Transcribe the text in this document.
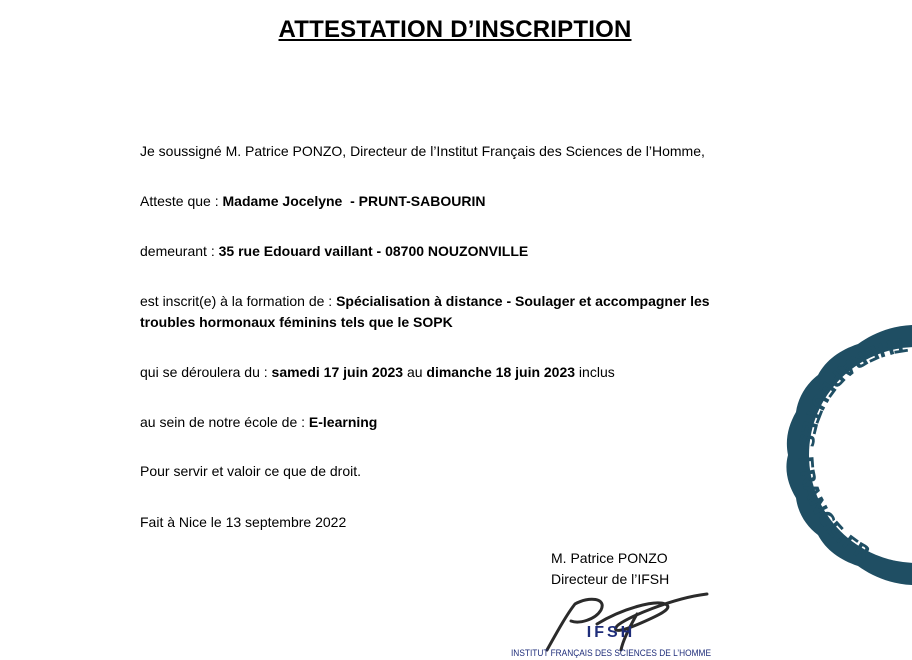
ATTESTATION D’INSCRIPTION
Je soussigné M. Patrice PONZO, Directeur de l’Institut Français des Sciences de l’Homme,
Atteste que : Madame Jocelyne  - PRUNT-SABOURIN
demeurant : 35 rue Edouard vaillant - 08700 NOUZONVILLE
est inscrit(e) à la formation de : Spécialisation à distance - Soulager et accompagner les
troubles hormonaux féminins tels que le SOPK
qui se déroulera du : samedi 17 juin 2023 au dimanche 18 juin 2023 inclus
au sein de notre école de : E-learning
Pour servir et valoir ce que de droit.
Fait à Nice le 13 septembre 2022
M. Patrice PONZO
Directeur de l’IFSH
THERAPEUTES-FRANCE.FR
IFSH
INSTITUT FRANÇAIS DES SCIENCES DE L’HOMME
